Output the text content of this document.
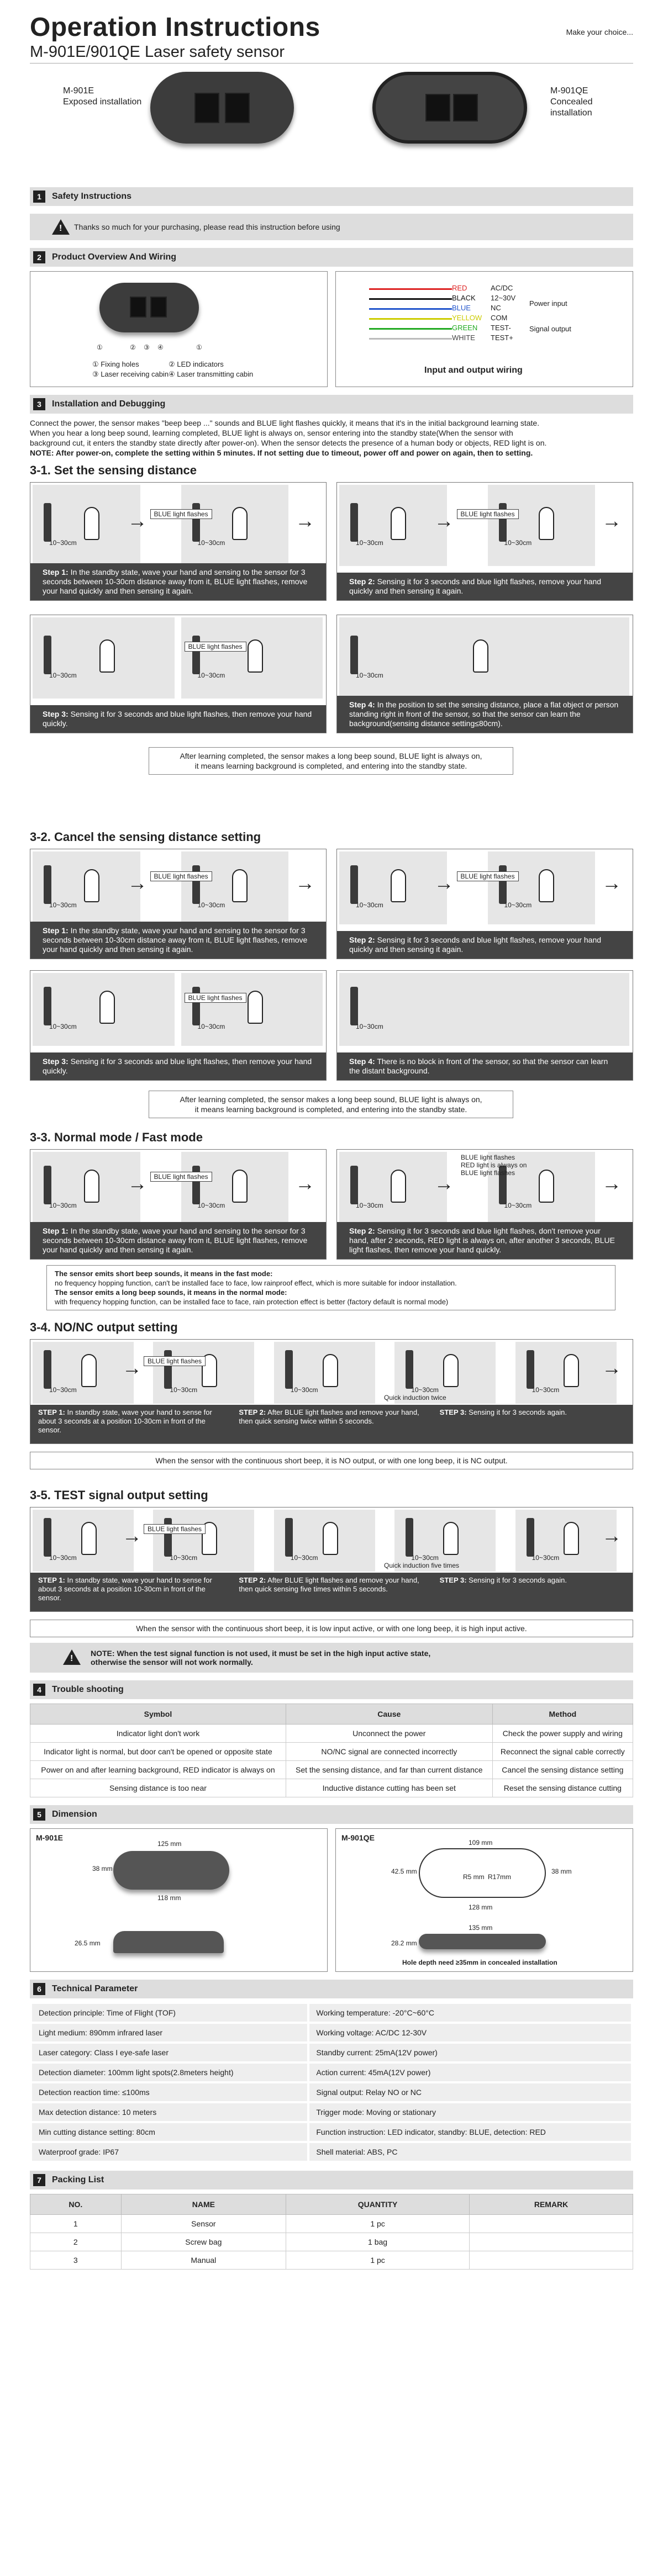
Operation Instructions
M-901E/901QE Laser safety sensor
Make your choice...
M-901E
Exposed installation
M-901QE
Concealed installation
1	Safety Instructions
!
Thanks so much for your purchasing, please read this instruction before using
2	Product Overview And Wiring
①	② ③ ④	①
① Fixing holes	② LED indicators
③ Laser receiving cabin ④ Laser transmitting cabin
RED	AC/DC
BLACK 12~30V
BLUE	NC
YELLOW COM
GREEN TEST-
WHITE TEST+
Power input
Signal output
Input and output wiring
3	Installation and Debugging
Connect the power, the sensor makes "beep beep ..." sounds and BLUE light flashes quickly, it means that it's in the initial background learning state.
When you hear a long beep sound, learning completed, BLUE light is always on, sensor entering into the standby state(When the sensor with
background cut, it enters the standby state directly after power-on). When the sensor detects the presence of a human body or objects, RED light is on.
NOTE: After power-on, complete the setting within 5 minutes. If not setting due to timeout, power off and power on again, then to setting.
3-1. Set the sensing distance
10~30cm	10~30cm
BLUE light flashes
→	→
Step 1: In the standby state, wave your hand and sensing to the sensor for 3 seconds between 10-30cm distance away from it, BLUE light flashes, remove your hand quickly and then sensing it again.
10~30cm	10~30cm
BLUE light flashes
→	→
Step 2: Sensing it for 3 seconds and blue light flashes, remove your hand quickly and then sensing it again.
10~30cm	10~30cm
BLUE light flashes
Step 3: Sensing it for 3 seconds and blue light flashes, then remove your hand quickly.
10~30cm
Step 4: In the position to set the sensing distance, place a flat object or person standing right in front of the sensor, so that the sensor can learn the background(sensing distance setting≤80cm).
After learning completed, the sensor makes a long beep sound, BLUE light is always on,
it means learning background is completed, and entering into the standby state.
3-2. Cancel the sensing distance setting
10~30cm	10~30cm
BLUE light flashes
→	→
Step 1: In the standby state, wave your hand and sensing to the sensor for 3 seconds between 10-30cm distance away from it, BLUE light flashes, remove your hand quickly and then sensing it again.
10~30cm	10~30cm
BLUE light flashes
→	→
Step 2: Sensing it for 3 seconds and blue light flashes, remove your hand quickly and then sensing it again.
10~30cm	10~30cm
BLUE light flashes
Step 3: Sensing it for 3 seconds and blue light flashes, then remove your hand quickly.
10~30cm
Step 4: There is no block in front of the sensor, so that the sensor can learn the distant background.
After learning completed, the sensor makes a long beep sound, BLUE light is always on,
it means learning background is completed, and entering into the standby state.
3-3. Normal mode / Fast mode
10~30cm	10~30cm
BLUE light flashes
→	→
Step 1: In the standby state, wave your hand and sensing to the sensor for 3 seconds between 10-30cm distance away from it, BLUE light flashes, remove your hand quickly and then sensing it again.
10~30cm	10~30cm
→	→
Step 2: Sensing it for 3 seconds and blue light flashes, don't remove your hand, after 2 seconds, RED light is always on, after another 3 seconds, BLUE light flashes, then remove your hand quickly.
BLUE light flashes
RED light is always on
BLUE light flashes
The sensor emits short beep sounds, it means in the fast mode:
no frequency hopping function, can't be installed face to face, low rainproof effect, which is more suitable for indoor installation.
The sensor emits a long beep sounds, it means in the normal mode:
with frequency hopping function, can be installed face to face, rain protection effect is better (factory default is normal mode)
3-4. NO/NC output setting
10~30cm	10~30cm	10~30cm	10~30cm	10~30cm
BLUE light flashes
→	→
Quick induction twice
STEP 1: In standby state, wave your hand to sense for about 3 seconds at a position 10-30cm in front of the sensor.
STEP 2: After BLUE light flashes and remove your hand, then quick sensing twice within 5 seconds.
STEP 3: Sensing it for 3 seconds again.
When the sensor with the continuous short beep, it is NO output, or with one long beep, it is NC output.
3-5. TEST signal output setting
10~30cm	10~30cm	10~30cm	10~30cm	10~30cm
BLUE light flashes
→	→
Quick induction five times
STEP 1: In standby state, wave your hand to sense for about 3 seconds at a position 10-30cm in front of the sensor.
STEP 2: After BLUE light flashes and remove your hand, then quick sensing five times within 5 seconds.
STEP 3: Sensing it for 3 seconds again.
When the sensor with the continuous short beep, it is low input active, or with one long beep, it is high input active.
!
NOTE: When the test signal function is not used, it must be set in the high input active state,
otherwise the sensor will not work normally.
4	Trouble shooting
Symbol	Cause	Method
Indicator light don't work	Unconnect the power	Check the power supply and wiring
Indicator light is normal, but door can't be opened or opposite state	NO/NC signal are connected incorrectly	Reconnect the signal cable correctly
Power on and after learning background, RED indicator is always on	Set the sensing distance, and far than current distance	Cancel the sensing distance setting
Sensing distance is too near	Inductive distance cutting has been set	Reset the sensing distance cutting
5	Dimension
M-901E
125 mm
38 mm
118 mm
26.5 mm
M-901QE
109 mm
42.5 mm
R5 mm R17mm
38 mm
128 mm
135 mm
28.2 mm
Hole depth need ≥35mm in concealed installation
6	Technical Parameter
Detection principle: Time of Flight (TOF)	Working temperature: -20°C~60°C
Light medium: 890mm infrared laser	Working voltage: AC/DC 12-30V
Laser category: Class I eye-safe laser	Standby current: 25mA(12V power)
Detection diameter: 100mm light spots(2.8meters height)	Action current: 45mA(12V power)
Detection reaction time: ≤100ms	Signal output: Relay NO or NC
Max detection distance: 10 meters	Trigger mode: Moving or stationary
Min cutting distance setting: 80cm	Function instruction: LED indicator, standby: BLUE, detection: RED
Waterproof grade: IP67	Shell material: ABS, PC
7	Packing List
NO.	NAME	QUANTITY	REMARK
1	Sensor	1 pc	
2	Screw bag	1 bag	
3	Manual	1 pc	
